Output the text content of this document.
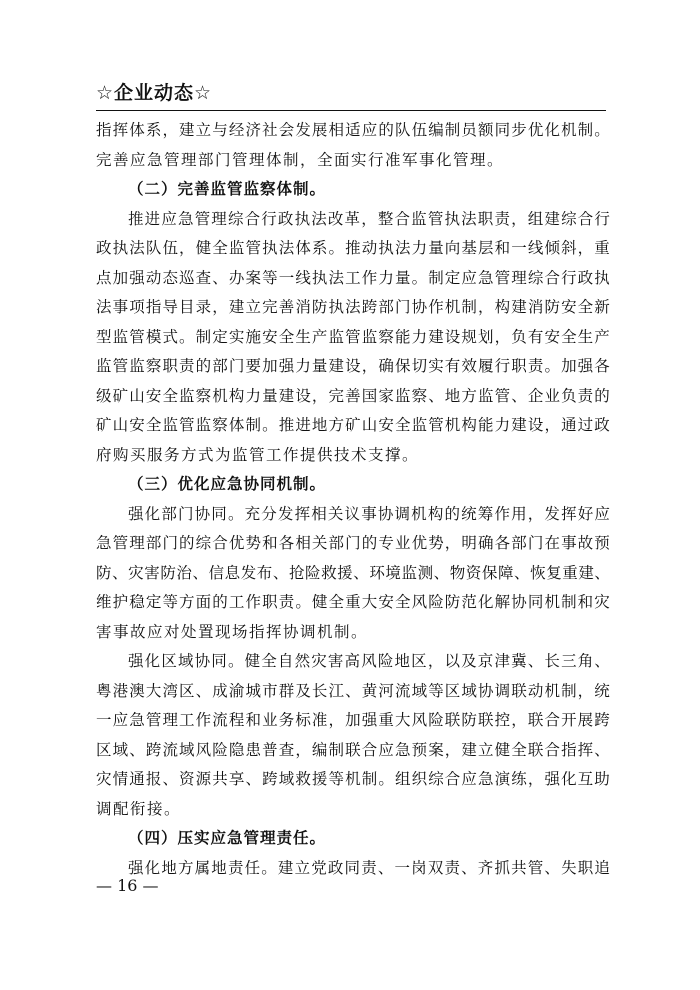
☆企业动态☆
指 挥 体 系 ， 建 立 与 经 济 社 会 发 展 相 适 应 的 队 伍 编 制 员 额 同 步 优 化 机 制 。
完善应急管理部门管理体制，全面实行准军事化管理。
（二）完善监管监察体制。
推 进 应 急 管 理 综 合 行 政 执 法 改 革 ， 整 合 监 管 执 法 职 责 ， 组 建 综 合 行
政 执 法 队 伍 ， 健 全 监 管 执 法 体 系 。 推 动 执 法 力 量 向 基 层 和 一 线 倾 斜 ， 重
点 加 强 动 态 巡 查 、 办 案 等 一 线 执 法 工 作 力 量 。 制 定 应 急 管 理 综 合 行 政 执
法 事 项 指 导 目 录 ， 建 立 完 善 消 防 执 法 跨 部 门 协 作 机 制 ， 构 建 消 防 安 全 新
型 监 管 模 式 。 制 定 实 施 安 全 生 产 监 管 监 察 能 力 建 设 规 划 ， 负 有 安 全 生 产
监 管 监 察 职 责 的 部 门 要 加 强 力 量 建 设 ， 确 保 切 实 有 效 履 行 职 责 。 加 强 各
级 矿 山 安 全 监 察 机 构 力 量 建 设 ， 完 善 国 家 监 察 、 地 方 监 管 、 企 业 负 责 的
矿 山 安 全 监 管 监 察 体 制 。 推 进 地 方 矿 山 安 全 监 管 机 构 能 力 建 设 ， 通 过 政
府购买服务方式为监管工作提供技术支撑。
（三）优化应急协同机制。
强 化 部 门 协 同 。 充 分 发 挥 相 关 议 事 协 调 机 构 的 统 筹 作 用 ， 发 挥 好 应
急 管 理 部 门 的 综 合 优 势 和 各 相 关 部 门 的 专 业 优 势 ， 明 确 各 部 门 在 事 故 预
防 、 灾 害 防 治 、 信 息 发 布 、 抢 险 救 援 、 环 境 监 测 、 物 资 保 障 、 恢 复 重 建 、
维 护 稳 定 等 方 面 的 工 作 职 责 。 健 全 重 大 安 全 风 险 防 范 化 解 协 同 机 制 和 灾
害事故应对处置现场指挥协调机制。
强 化 区 域 协 同 。 健 全 自 然 灾 害 高 风 险 地 区 ， 以 及 京 津 冀 、 长 三 角 、
粤 港 澳 大 湾 区 、 成 渝 城 市 群 及 长 江 、 黄 河 流 域 等 区 域 协 调 联 动 机 制 ， 统
一 应 急 管 理 工 作 流 程 和 业 务 标 准 ， 加 强 重 大 风 险 联 防 联 控 ， 联 合 开 展 跨
区 域 、 跨 流 域 风 险 隐 患 普 查 ， 编 制 联 合 应 急 预 案 ， 建 立 健 全 联 合 指 挥 、
灾 情 通 报 、 资 源 共 享 、 跨 域 救 援 等 机 制 。 组 织 综 合 应 急 演 练 ， 强 化 互 助
调配衔接。
（四）压实应急管理责任。
强 化 地 方 属 地 责 任 。 建 立 党 政 同 责 、 一 岗 双 责 、 齐 抓 共 管 、 失 职 追
— 16 —
